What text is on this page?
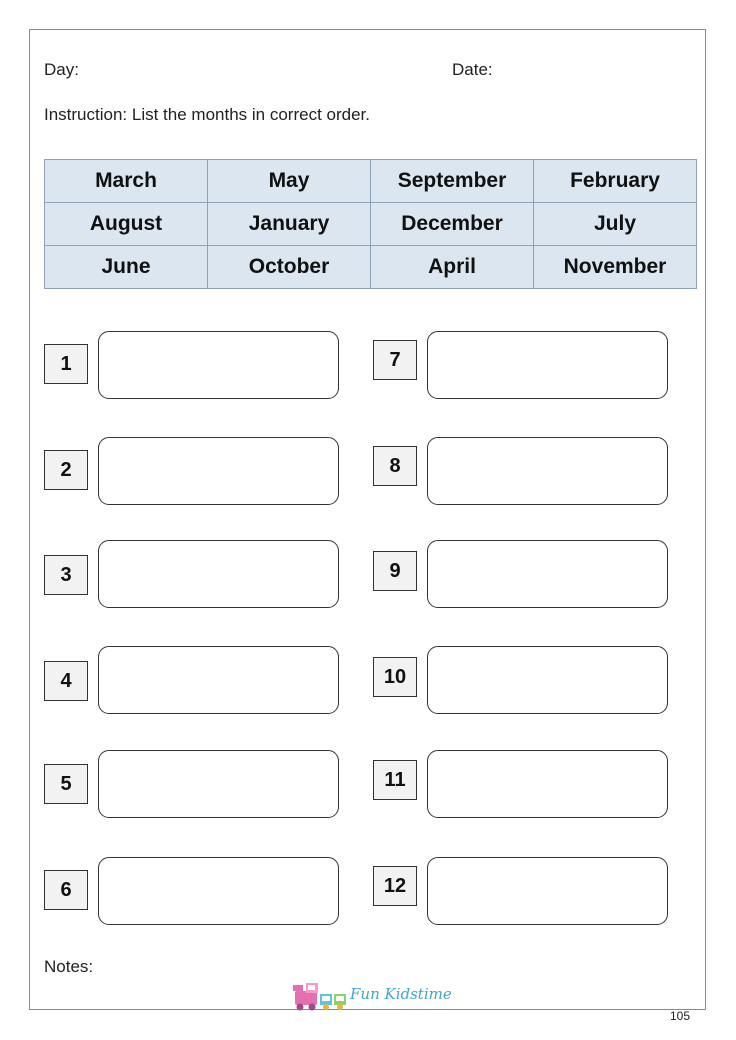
Day:	Date:
Instruction: List the months in correct order.
March	May	September	February
August	January	December	July
June	October	April	November
1
2
3
4
5
6
7
8
9
10
11
12
Notes:
Fun Kidstime
105
